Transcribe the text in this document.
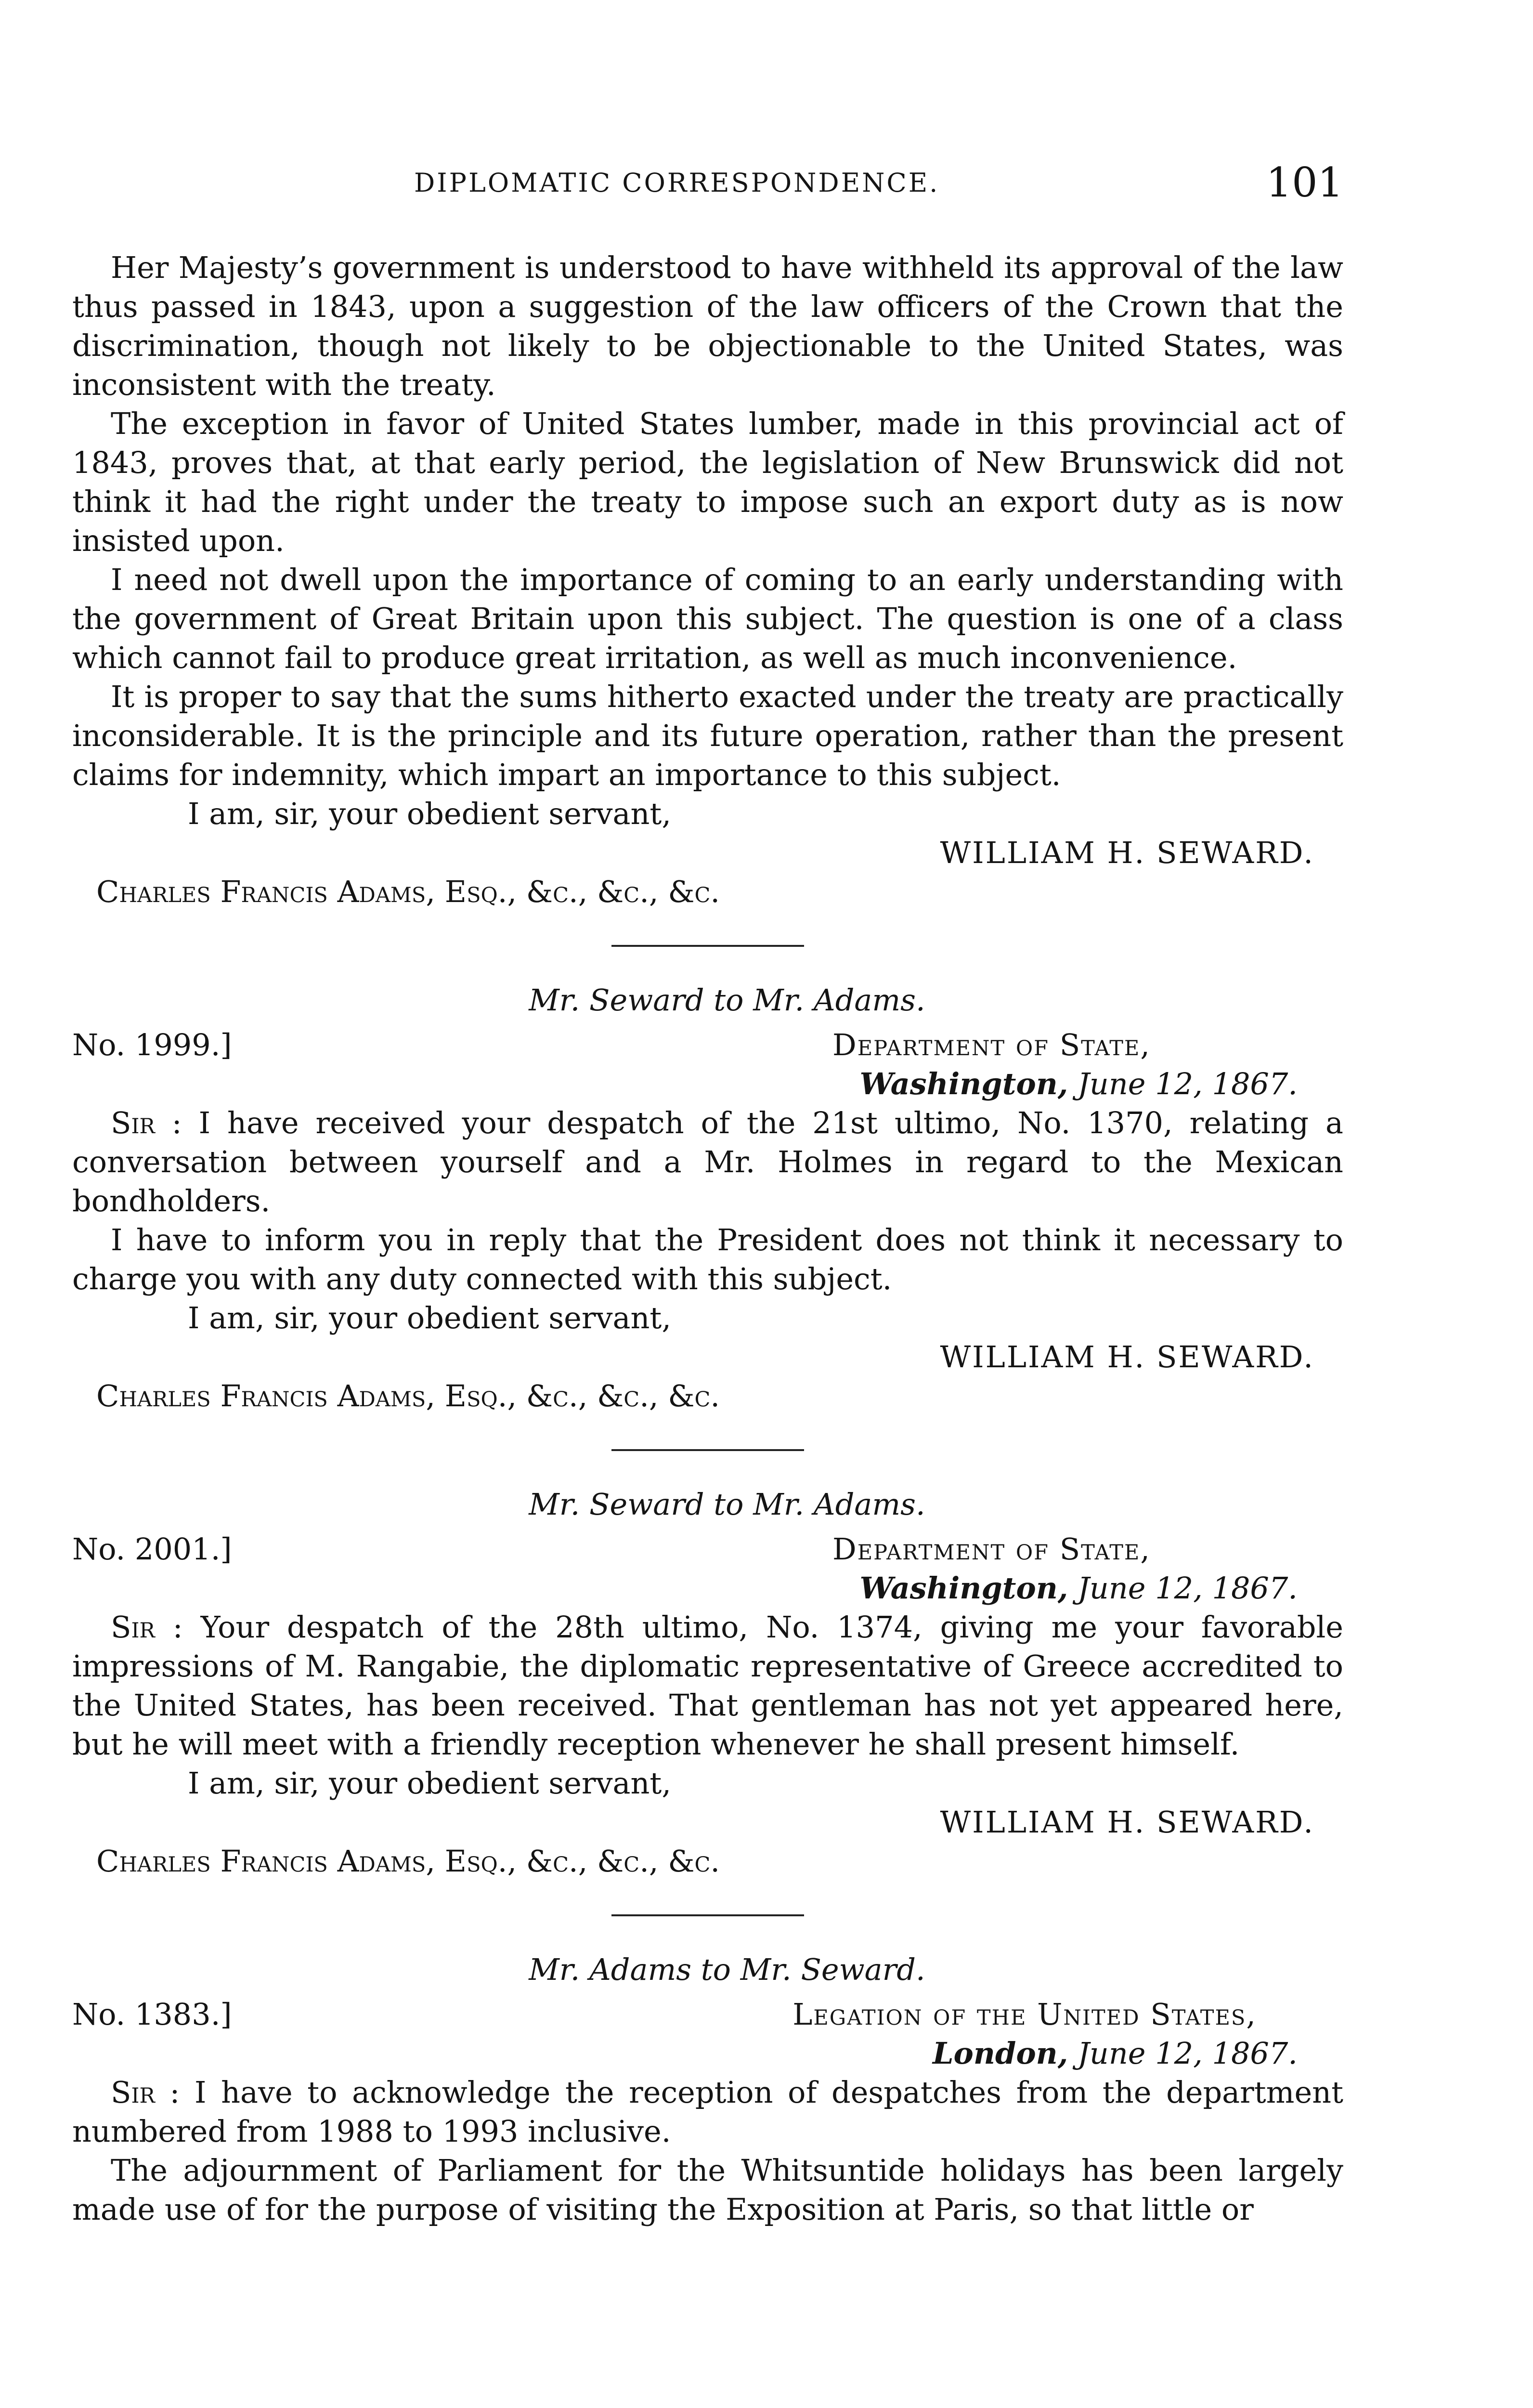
DIPLOMATIC CORRESPONDENCE.	101

Her Majesty’s government is understood to have withheld its approval of the law thus passed in 1843, upon a suggestion of the law officers of the Crown that the discrimination, though not likely to be objectionable to the United States, was inconsistent with the treaty.

The exception in favor of United States lumber, made in this provincial act of 1843, proves that, at that early period, the legislation of New Brunswick did not think it had the right under the treaty to impose such an export duty as is now insisted upon.

I need not dwell upon the importance of coming to an early understanding with the government of Great Britain upon this subject. The question is one of a class which cannot fail to produce great irritation, as well as much inconvenience.

It is proper to say that the sums hitherto exacted under the treaty are practically inconsiderable. It is the principle and its future operation, rather than the present claims for indemnity, which impart an importance to this subject.

I am, sir, your obedient servant,

WILLIAM H. SEWARD.

Charles Francis Adams, Esq., &c., &c., &c.

Mr. Seward to Mr. Adams.

No. 1999.]	Department of State,
Washington, June 12, 1867.

Sir : I have received your despatch of the 21st ultimo, No. 1370, relating a conversation between yourself and a Mr. Holmes in regard to the Mexican bondholders.

I have to inform you in reply that the President does not think it necessary to charge you with any duty connected with this subject.

I am, sir, your obedient servant,

WILLIAM H. SEWARD.

Charles Francis Adams, Esq., &c., &c., &c.

Mr. Seward to Mr. Adams.

No. 2001.]	Department of State,
Washington, June 12, 1867.

Sir : Your despatch of the 28th ultimo, No. 1374, giving me your favorable impressions of M. Rangabie, the diplomatic representative of Greece accredited to the United States, has been received. That gentleman has not yet appeared here, but he will meet with a friendly reception whenever he shall present himself.

I am, sir, your obedient servant,

WILLIAM H. SEWARD.

Charles Francis Adams, Esq., &c., &c., &c.

Mr. Adams to Mr. Seward.

No. 1383.]	Legation of the United States,
London, June 12, 1867.

Sir : I have to acknowledge the reception of despatches from the department numbered from 1988 to 1993 inclusive.

The adjournment of Parliament for the Whitsuntide holidays has been largely made use of for the purpose of visiting the Exposition at Paris, so that little or
